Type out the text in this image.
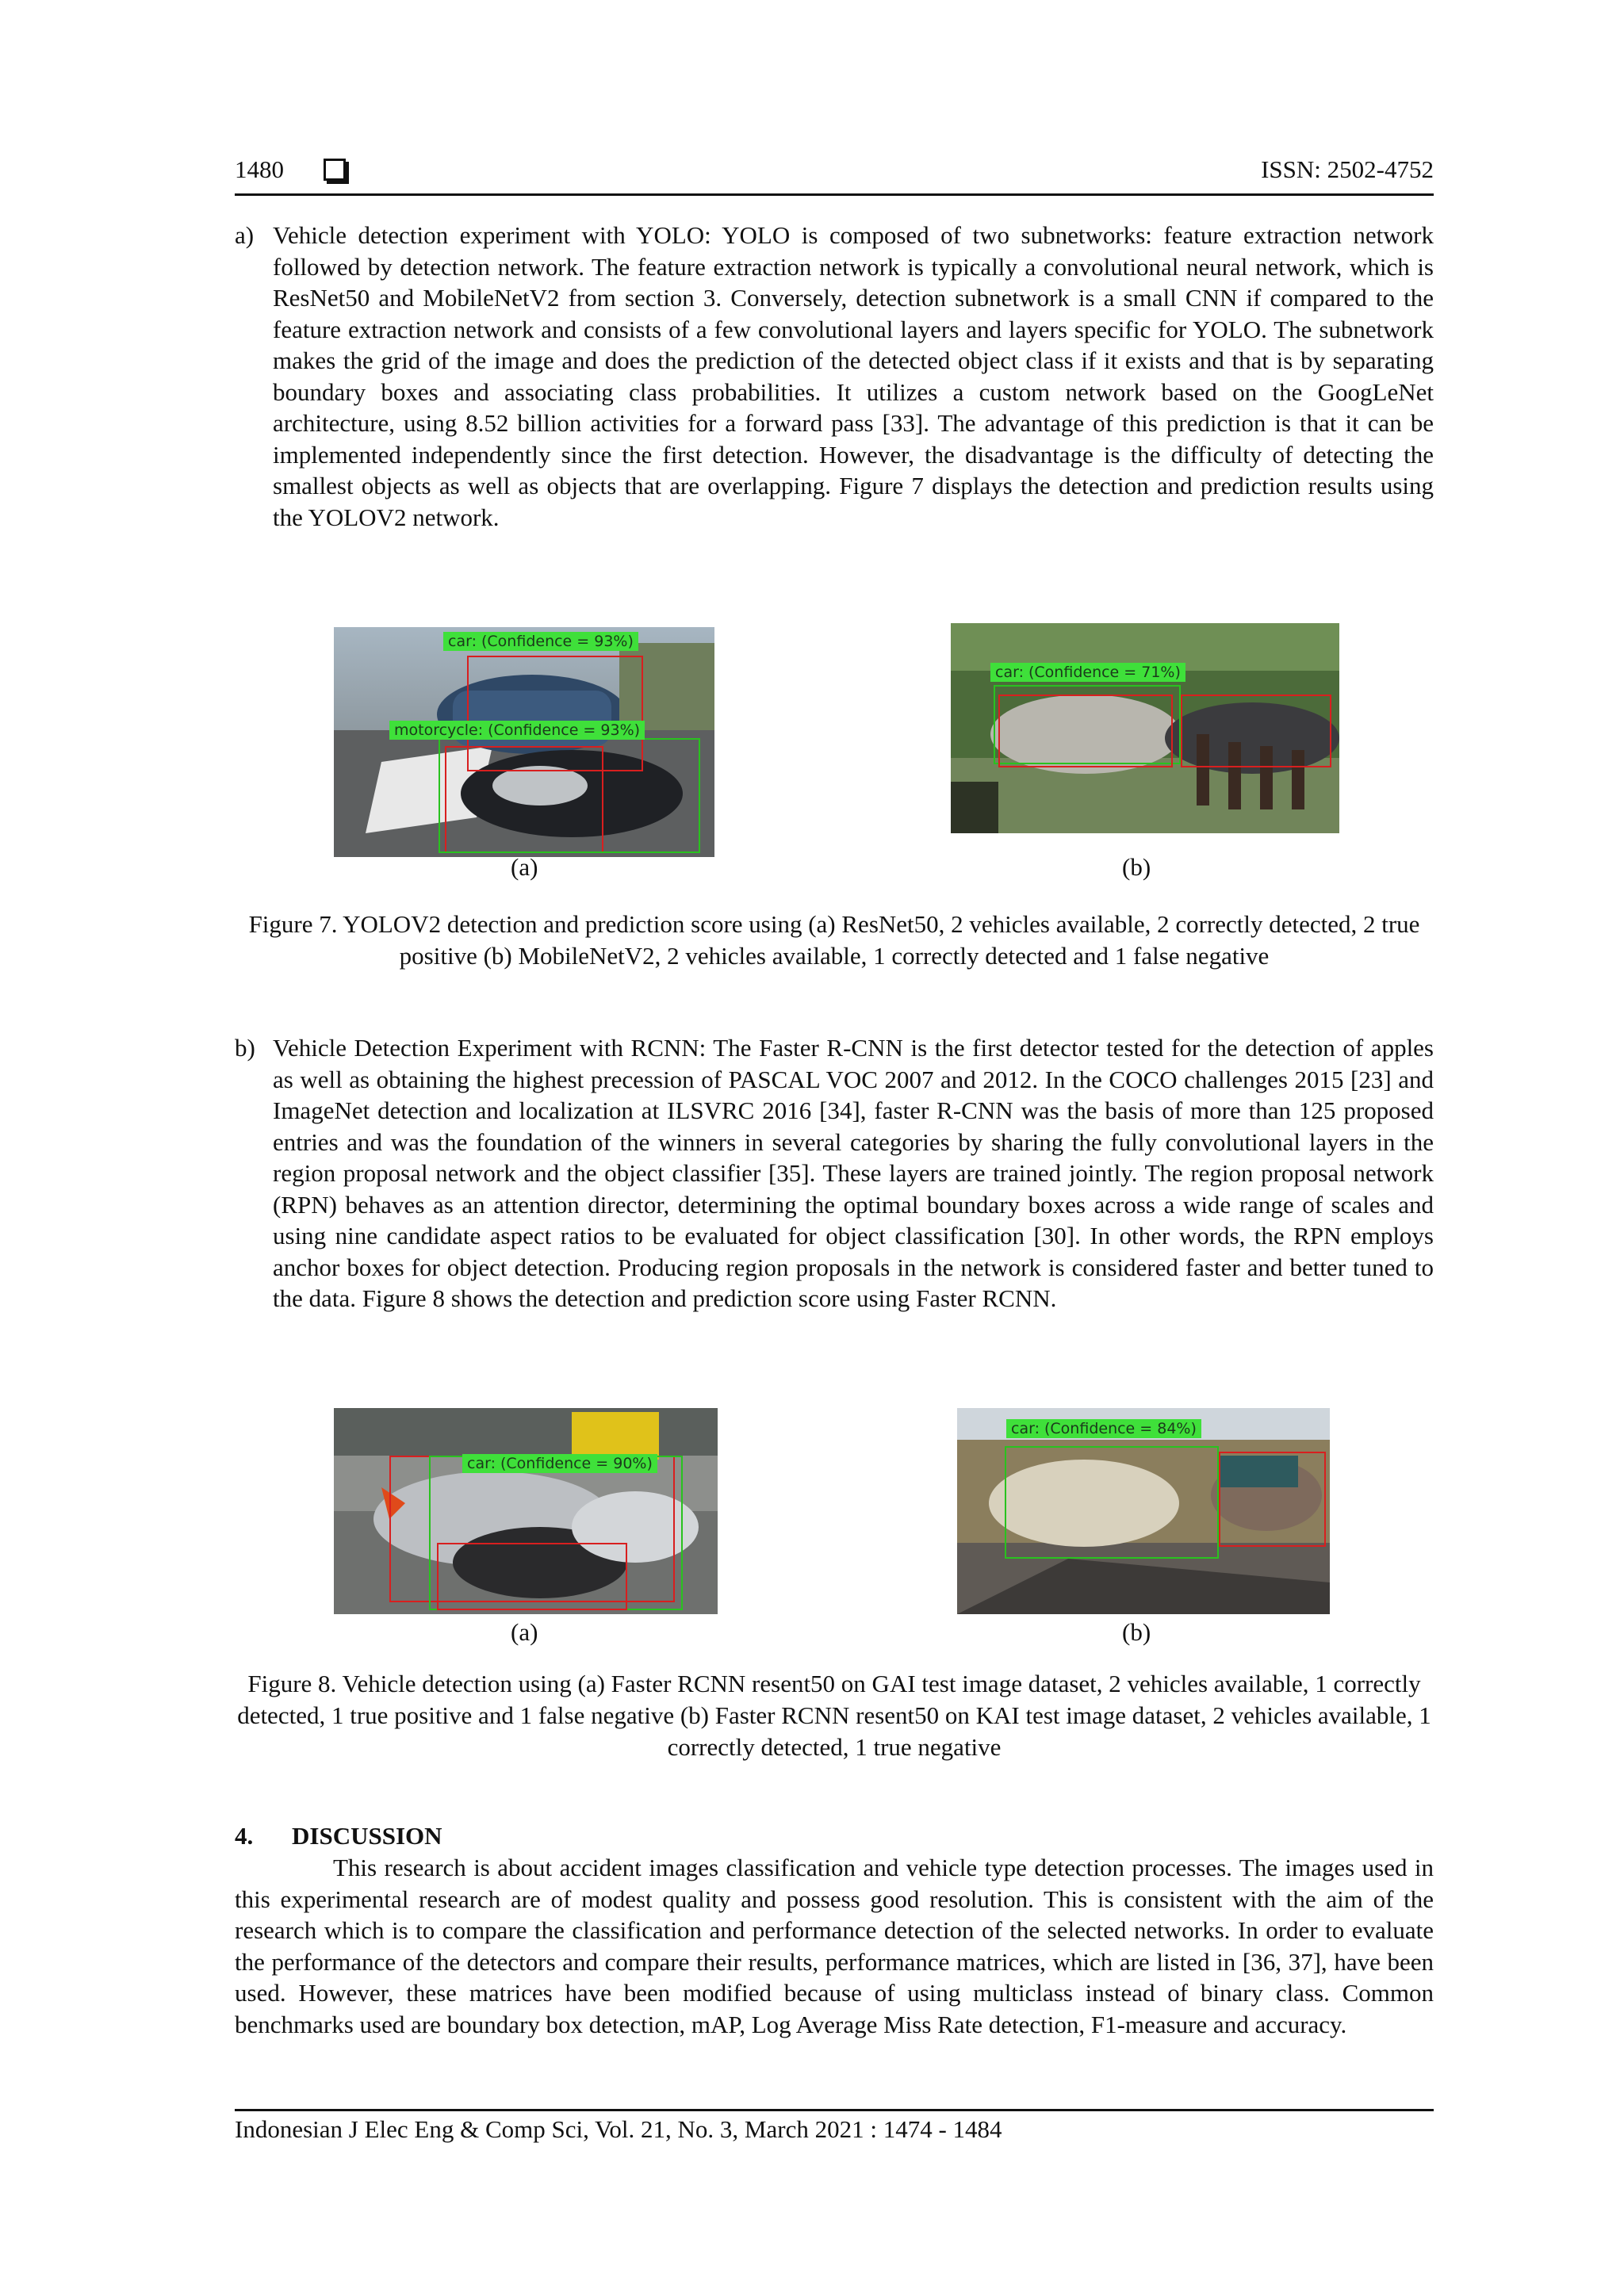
1480	ISSN: 2502-4752
a) Vehicle detection experiment with YOLO: YOLO is composed of two subnetworks: feature extraction network followed by detection network. The feature extraction network is typically a convolutional neural network, which is ResNet50 and MobileNetV2 from section 3. Conversely, detection subnetwork is a small CNN if compared to the feature extraction network and consists of a few convolutional layers and layers specific for YOLO. The subnetwork makes the grid of the image and does the prediction of the detected object class if it exists and that is by separating boundary boxes and associating class probabilities. It utilizes a custom network based on the GoogLeNet architecture, using 8.52 billion activities for a forward pass [33]. The advantage of this prediction is that it can be implemented independently since the first detection. However, the disadvantage is the difficulty of detecting the smallest objects as well as objects that are overlapping. Figure 7 displays the detection and prediction results using the YOLOV2 network.

car: (Confidence = 93%)
motorcycle: (Confidence = 93%)
(a)
car: (Confidence = 71%)
(b)

Figure 7. YOLOV2 detection and prediction score using (a) ResNet50, 2 vehicles available, 2 correctly detected, 2 true positive (b) MobileNetV2, 2 vehicles available, 1 correctly detected and 1 false negative

b) Vehicle Detection Experiment with RCNN: The Faster R-CNN is the first detector tested for the detection of apples as well as obtaining the highest precession of PASCAL VOC 2007 and 2012. In the COCO challenges 2015 [23] and ImageNet detection and localization at ILSVRC 2016 [34], faster R-CNN was the basis of more than 125 proposed entries and was the foundation of the winners in several categories by sharing the fully convolutional layers in the region proposal network and the object classifier [35]. These layers are trained jointly. The region proposal network (RPN) behaves as an attention director, determining the optimal boundary boxes across a wide range of scales and using nine candidate aspect ratios to be evaluated for object classification [30]. In other words, the RPN employs anchor boxes for object detection. Producing region proposals in the network is considered faster and better tuned to the data. Figure 8 shows the detection and prediction score using Faster RCNN.

car: (Confidence = 90%)
(a)
car: (Confidence = 84%)
(b)

Figure 8. Vehicle detection using (a) Faster RCNN resent50 on GAI test image dataset, 2 vehicles available, 1 correctly detected, 1 true positive and 1 false negative (b) Faster RCNN resent50 on KAI test image dataset, 2 vehicles available, 1 correctly detected, 1 true negative

4. DISCUSSION

This research is about accident images classification and vehicle type detection processes. The images used in this experimental research are of modest quality and possess good resolution. This is consistent with the aim of the research which is to compare the classification and performance detection of the selected networks. In order to evaluate the performance of the detectors and compare their results, performance matrices, which are listed in [36, 37], have been used. However, these matrices have been modified because of using multiclass instead of binary class. Common benchmarks used are boundary box detection, mAP, Log Average Miss Rate detection, F1-measure and accuracy.

Indonesian J Elec Eng & Comp Sci, Vol. 21, No. 3, March 2021 : 1474 - 1484
